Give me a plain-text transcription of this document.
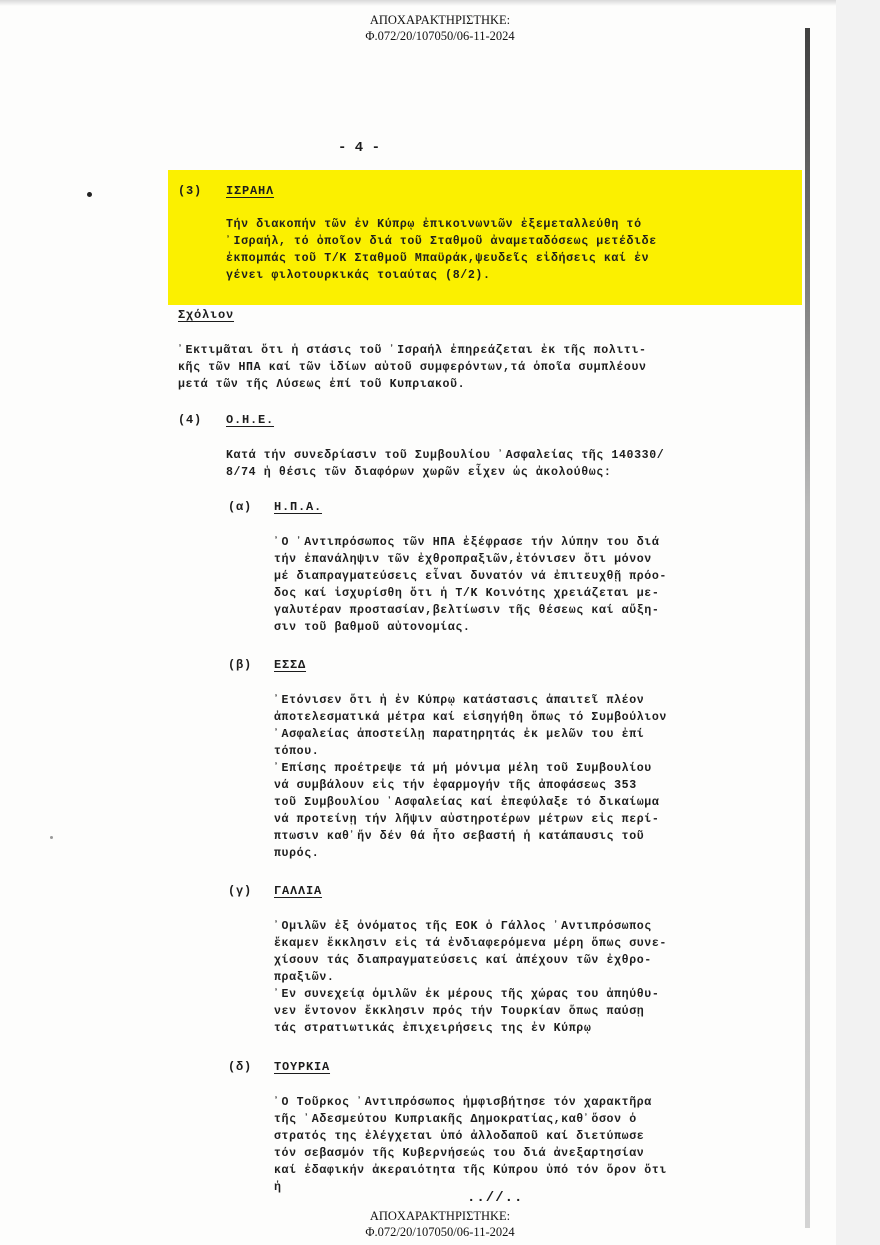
ΑΠΟΧΑΡΑΚΤΗΡΙΣΤΗΚΕ:
Φ.072/20/107050/06-11-2024
- 4 -
(3) ΙΣΡΑΗΛ
Τήν διακοπήν τῶν ἐν Κύπρῳ ἐπικοινωνιῶν ἐξεμεταλλεύθη τό
᾿Ισραήλ, τό ὁποῖον διά τοῦ Σταθμοῦ ἀναμεταδόσεως μετέδιδε
ἐκπομπάς τοῦ Τ/Κ Σταθμοῦ Μπαϋράκ,ψευδεῖς εἰδήσεις καί ἐν
γένει φιλοτουρκικάς τοιαύτας (8/2).
Σχόλιον
᾿Εκτιμᾶται ὅτι ἡ στάσις τοῦ ᾿Ισραήλ ἐπηρεάζεται ἐκ τῆς πολιτι-
κῆς τῶν ΗΠΑ καί τῶν ἰδίων αὐτοῦ συμφερόντων,τά ὁποῖα συμπλέουν
μετά τῶν τῆς Λύσεως ἐπί τοῦ Κυπριακοῦ.
(4) Ο.Η.Ε.
Κατά τήν συνεδρίασιν τοῦ Συμβουλίου ᾿Ασφαλείας τῆς 140330/
8/74 ἡ θέσις τῶν διαφόρων χωρῶν εἶχεν ὡς ἀκολούθως:
(α) Η.Π.Α.
᾿Ο ᾿Αντιπρόσωπος τῶν ΗΠΑ ἐξέφρασε τήν λύπην του διά
τήν ἐπανάληψιν τῶν ἐχθροπραξιῶν,ἐτόνισεν ὅτι μόνον
μέ διαπραγματεύσεις εἶναι δυνατόν νά ἐπιτευχθῇ πρόο-
δος καί ἰσχυρίσθη ὅτι ἡ Τ/Κ Κοινότης χρειάζεται με-
γαλυτέραν προστασίαν,βελτίωσιν τῆς θέσεως καί αὔξη-
σιν τοῦ βαθμοῦ αὐτονομίας.
(β) ΕΣΣΔ
᾿Ετόνισεν ὅτι ἡ ἐν Κύπρῳ κατάστασις ἀπαιτεῖ πλέον
ἀποτελεσματικά μέτρα καί εἰσηγήθη ὅπως τό Συμβούλιον
᾿Ασφαλείας ἀποστείλῃ παρατηρητάς ἐκ μελῶν του ἐπί
τόπου.
᾿Επίσης προέτρεψε τά μή μόνιμα μέλη τοῦ Συμβουλίου
νά συμβάλουν εἰς τήν ἐφαρμογήν τῆς ἀποφάσεως 353
τοῦ Συμβουλίου ᾿Ασφαλείας καί ἐπεφύλαξε τό δικαίωμα
νά προτείνῃ τήν λῆψιν αὐστηροτέρων μέτρων εἰς περί-
πτωσιν καθ᾿ἥν δέν θά ἦτο σεβαστή ἡ κατάπαυσις τοῦ
πυρός.
(γ) ΓΑΛΛΙΑ
᾿Ομιλῶν ἐξ ὀνόματος τῆς ΕΟΚ ὁ Γάλλος ᾿Αντιπρόσωπος
ἔκαμεν ἔκκλησιν εἰς τά ἐνδιαφερόμενα μέρη ὅπως συνε-
χίσουν τάς διαπραγματεύσεις καί ἀπέχουν τῶν ἐχθρο-
πραξιῶν.
᾿Εν συνεχείᾳ ὁμιλῶν ἐκ μέρους τῆς χώρας του ἀπηύθυ-
νεν ἔντονον ἔκκλησιν πρός τήν Τουρκίαν ὅπως παύσῃ
τάς στρατιωτικάς ἐπιχειρήσεις της ἐν Κύπρῳ
(δ) ΤΟΥΡΚΙΑ
᾿Ο Τοῦρκος ᾿Αντιπρόσωπος ἠμφισβήτησε τόν χαρακτῆρα
τῆς ᾿Αδεσμεύτου Κυπριακῆς Δημοκρατίας,καθ᾿ὅσον ὁ
στρατός της ἐλέγχεται ὑπό ἀλλοδαποῦ καί διετύπωσε
τόν σεβασμόν τῆς Κυβερνήσεώς του διά ἀνεξαρτησίαν
καί ἐδαφικήν ἀκεραιότητα τῆς Κύπρου ὑπό τόν ὅρον ὅτι
ἡ
..//..
ΑΠΟΧΑΡΑΚΤΗΡΙΣΤΗΚΕ:
Φ.072/20/107050/06-11-2024
